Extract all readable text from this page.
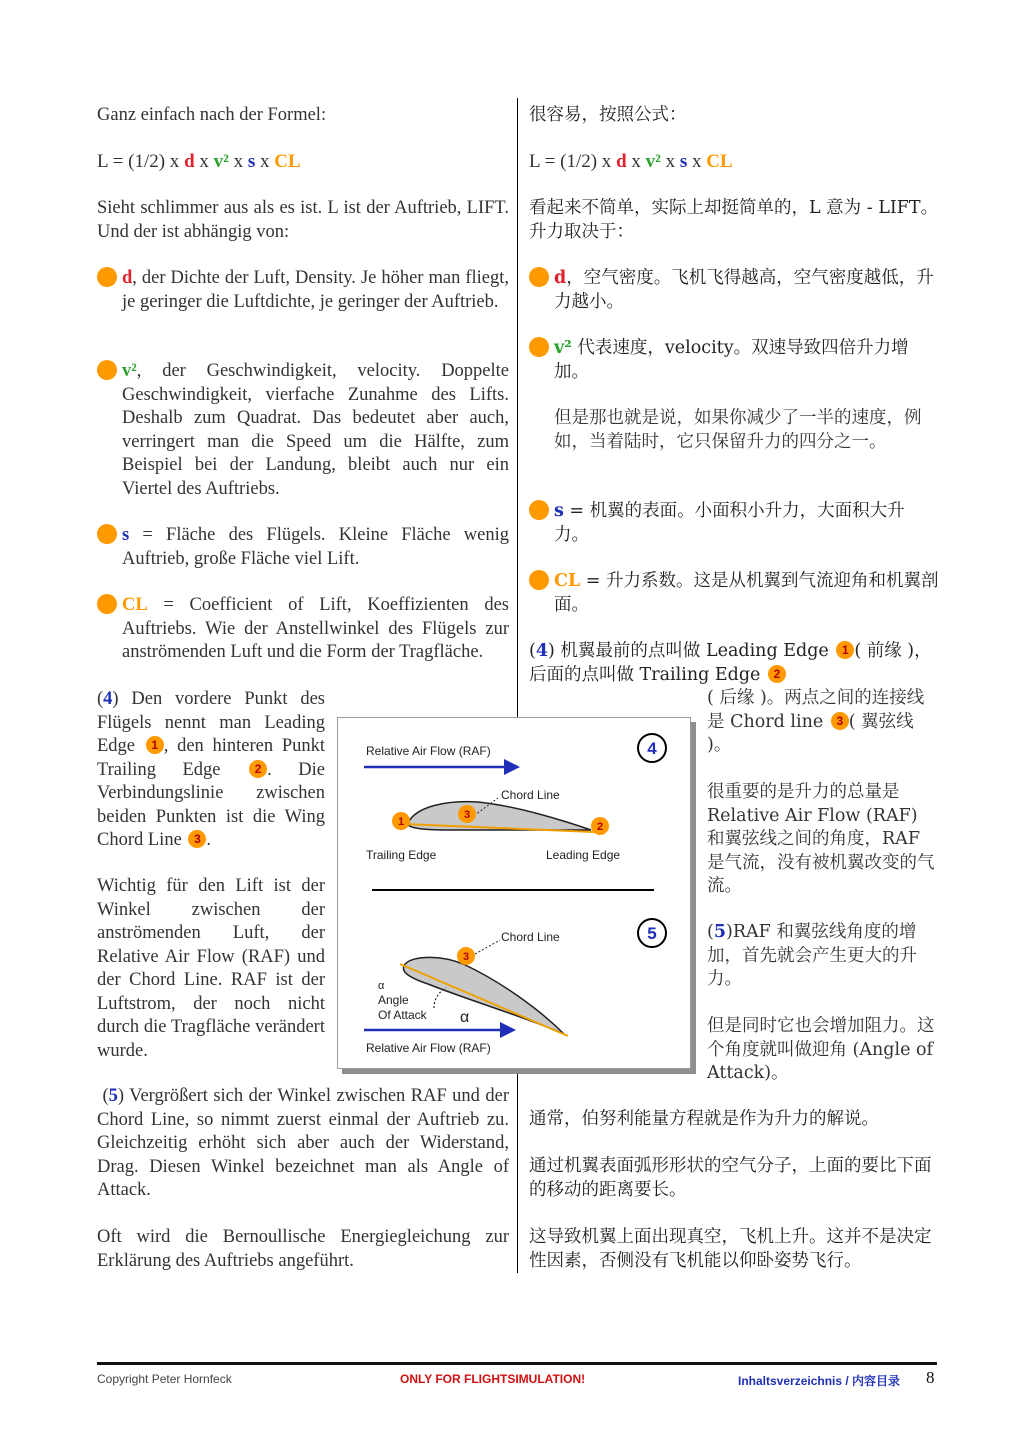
Ganz einfach nach der Formel:

L = (1/2) x d x v² x s x CL

Sieht schlimmer aus als es ist. L ist der Auftrieb, LIFT. Und der ist abhängig von:

d, der Dichte der Luft, Density. Je höher man fliegt, je geringer die Luftdichte, je geringer der Auftrieb.

v², der Geschwindigkeit, velocity. Doppelte Geschwindigkeit, vierfache Zunahme des Lifts. Deshalb zum Quadrat. Das bedeutet aber auch, verringert man die Speed um die Hälfte, zum Beispiel bei der Landung, bleibt auch nur ein Viertel des Auftriebs.

s = Fläche des Flügels. Kleine Fläche wenig Auftrieb, große Fläche viel Lift.

CL = Coefficient of Lift, Koeffizienten des Auftriebs. Wie der Anstellwinkel des Flügels zur anströmenden Luft und die Form der Tragfläche.

(4) Den vordere Punkt des Flügels nennt man Leading Edge 1 , den hinteren Punkt Trailing Edge 2 . Die Verbindungslinie zwischen beiden Punkten ist die Wing Chord Line 3 .

Wichtig für den Lift ist der Winkel zwischen der anströmenden Luft, der Relative Air Flow (RAF) und der Chord Line. RAF ist der Luftstrom, der noch nicht durch die Tragfläche verändert wurde.

(5) Vergrößert sich der Winkel zwischen RAF und der Chord Line, so nimmt zuerst einmal der Auftrieb zu. Gleichzeitig erhöht sich aber auch der Widerstand, Drag. Diesen Winkel bezeichnet man als Angle of Attack.

Oft wird die Bernoullische Energiegleichung zur Erklärung des Auftriebs angeführt.

很容易，按照公式：

L = (1/2) x d x v² x s x CL

看起来不简单，实际上却挺简单的，L 意为 - LIFT。升力取决于：

d，空气密度。飞机飞得越高，空气密度越低，升力越小。

v² 代表速度，velocity。双速导致四倍升力增加。

但是那也就是说，如果你减少了一半的速度，例如，当着陆时，它只保留升力的四分之一。

s = 机翼的表面。小面积小升力，大面积大升力。

CL = 升力系数。这是从机翼到气流迎角和机翼剖面。

(4) 机翼最前的点叫做 Leading Edge 1 ( 前缘 )，后面的点叫做 Trailing Edge 2

( 后缘 )。两点之间的连接线是 Chord line 3 ( 翼弦线 )。

很重要的是升力的总量是 Relative Air Flow (RAF) 和翼弦线之间的角度，RAF 是气流，没有被机翼改变的气流。

(5)RAF 和翼弦线角度的增加，首先就会产生更大的升力。

但是同时它也会增加阻力。这个角度就叫做迎角 (Angle of Attack)。

通常，伯努利能量方程就是作为升力的解说。

通过机翼表面弧形形状的空气分子，上面的要比下面的移动的距离要长。

这导致机翼上面出现真空，飞机上升。这并不是决定性因素，否侧没有飞机能以仰卧姿势飞行。

Relative Air Flow (RAF)	4
Chord Line
1
3
2
Trailing Edge	Leading Edge
5
Chord Line
3
α
Angle
Of Attack α
Relative Air Flow (RAF)
Copyright Peter Hornfeck	ONLY FOR FLIGHTSIMULATION!	Inhaltsverzeichnis / 内容目录 8
